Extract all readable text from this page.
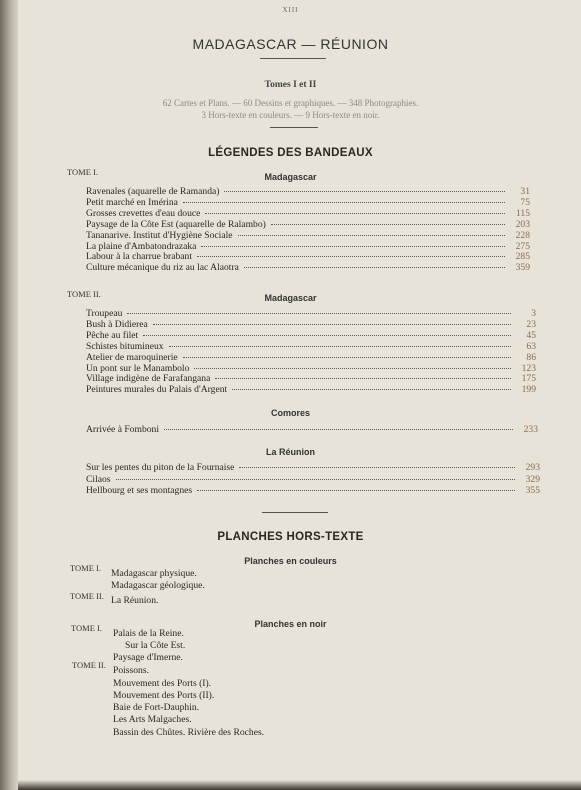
XIII
MADAGASCAR — RÉUNION
Tomes I et II
62 Cartes et Plans. — 60 Dessins et graphiques. — 348 Photographies.
3 Hors-texte en couleurs. — 9 Hors-texte en noir.
LÉGENDES DES BANDEAUX
TOME I.	Madagascar
Ravenales (aquarelle de Ramanda)	31
Petit marché en Imérina	75
Grosses crevettes d'eau douce	115
Paysage de la Côte Est (aquarelle de Ralambo)	203
Tananarive. Institut d'Hygiène Sociale	228
La plaine d'Ambatondrazaka	275
Labour à la charrue brabant	285
Culture mécanique du riz au lac Alaotra	359
TOME II.	Madagascar
Troupeau	3
Bush à Didierea	23
Pêche au filet	45
Schistes bitumineux	63
Atelier de maroquinerie	86
Un pont sur le Manambolo	123
Village indigène de Farafangana	175
Peintures murales du Palais d'Argent	199
Comores
Arrivée à Fomboni	233
La Réunion
Sur les pentes du piton de la Fournaise	293
Cilaos	329
Hellbourg et ses montagnes	355
PLANCHES HORS-TEXTE
Planches en couleurs
TOME I. Madagascar physique.
Madagascar géologique.
TOME II. La Réunion.
Planches en noir
TOME I. Palais de la Reine.
Sur la Côte Est.
Paysage d'Imerne.
TOME II. Poissons.
Mouvement des Ports (I).
Mouvement des Ports (II).
Baie de Fort-Dauphin.
Les Arts Malgaches.
Bassin des Chûtes. Rivière des Roches.
